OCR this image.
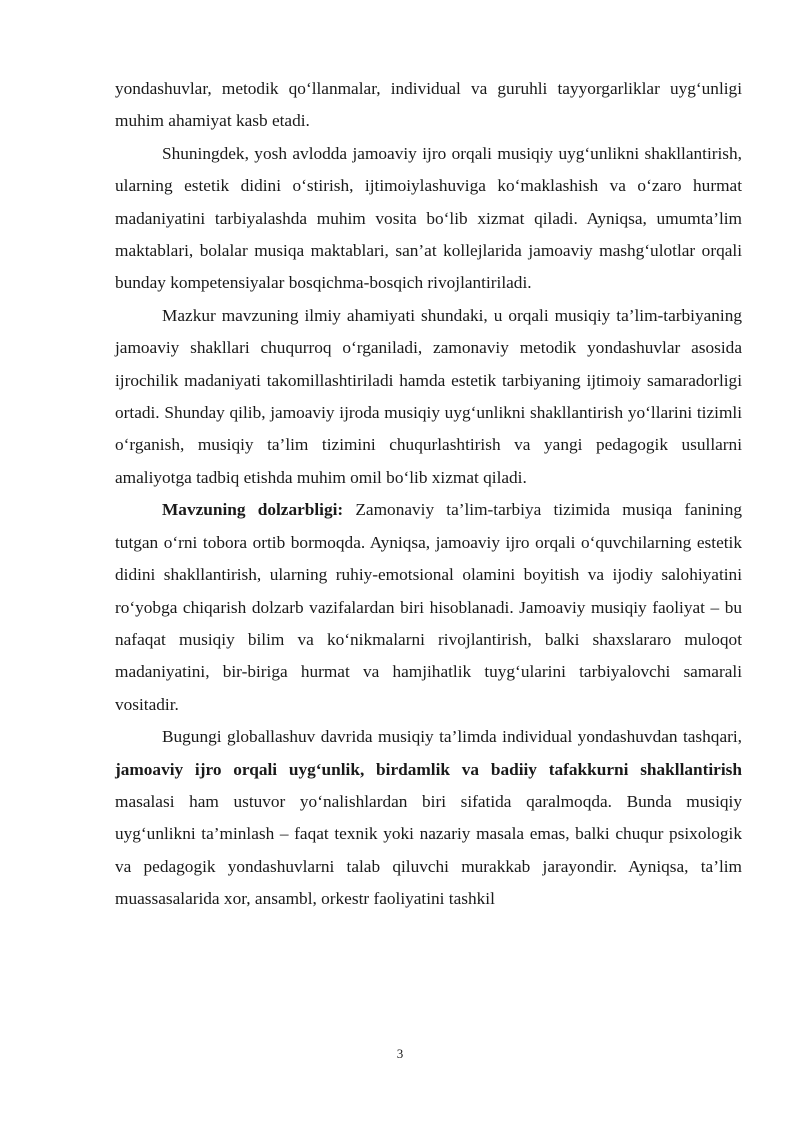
yondashuvlar, metodik qo‘llanmalar, individual va guruhli tayyorgarliklar uyg‘unligi muhim ahamiyat kasb etadi.

Shuningdek, yosh avlodda jamoaviy ijro orqali musiqiy uyg‘unlikni shakllantirish, ularning estetik didini o‘stirish, ijtimoiylashuviga ko‘maklashish va o‘zaro hurmat madaniyatini tarbiyalashda muhim vosita bo‘lib xizmat qiladi. Ayniqsa, umumta’lim maktablari, bolalar musiqa maktablari, san’at kollejlarida jamoaviy mashg‘ulotlar orqali bunday kompetensiyalar bosqichma-bosqich rivojlantiriladi.

Mazkur mavzuning ilmiy ahamiyati shundaki, u orqali musiqiy ta’lim-tarbiyaning jamoaviy shakllari chuqurroq o‘rganiladi, zamonaviy metodik yondashuvlar asosida ijrochilik madaniyati takomillashtiriladi hamda estetik tarbiyaning ijtimoiy samaradorligi ortadi. Shunday qilib, jamoaviy ijroda musiqiy uyg‘unlikni shakllantirish yo‘llarini tizimli o‘rganish, musiqiy ta’lim tizimini chuqurlashtirish va yangi pedagogik usullarni amaliyotga tadbiq etishda muhim omil bo‘lib xizmat qiladi.

Mavzuning dolzarbligi: Zamonaviy ta’lim-tarbiya tizimida musiqa fanining tutgan o‘rni tobora ortib bormoqda. Ayniqsa, jamoaviy ijro orqali o‘quvchilarning estetik didini shakllantirish, ularning ruhiy-emotsional olamini boyitish va ijodiy salohiyatini ro‘yobga chiqarish dolzarb vazifalardan biri hisoblanadi. Jamoaviy musiqiy faoliyat – bu nafaqat musiqiy bilim va ko‘nikmalarni rivojlantirish, balki shaxslararo muloqot madaniyatini, bir-biriga hurmat va hamjihatlik tuyg‘ularini tarbiyalovchi samarali vositadir.

Bugungi globallashuv davrida musiqiy ta’limda individual yondashuvdan tashqari, jamoaviy ijro orqali uyg‘unlik, birdamlik va badiiy tafakkurni shakllantirish masalasi ham ustuvor yo‘nalishlardan biri sifatida qaralmoqda. Bunda musiqiy uyg‘unlikni ta’minlash – faqat texnik yoki nazariy masala emas, balki chuqur psixologik va pedagogik yondashuvlarni talab qiluvchi murakkab jarayondir. Ayniqsa, ta’lim muassasalarida xor, ansambl, orkestr faoliyatini tashkil

3
